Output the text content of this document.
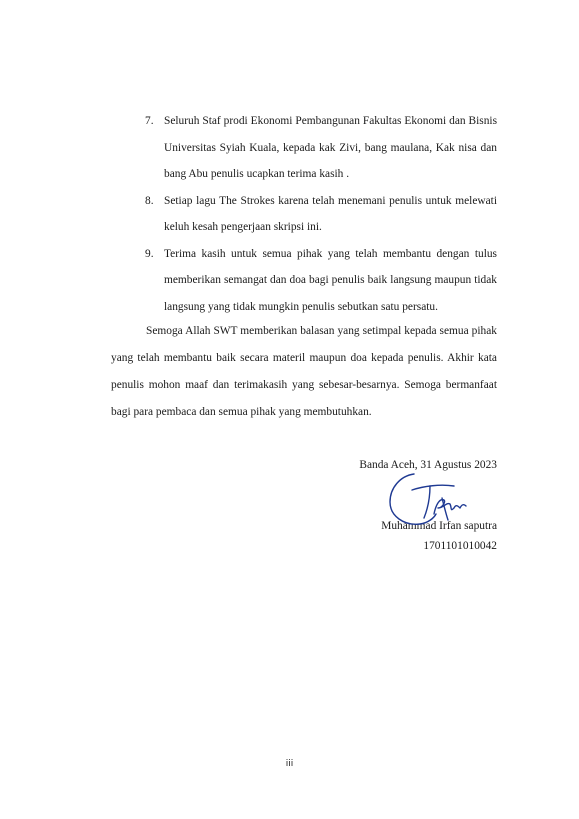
7. Seluruh Staf prodi Ekonomi Pembangunan Fakultas Ekonomi dan Bisnis Universitas Syiah Kuala, kepada kak Zivi, bang maulana, Kak nisa dan bang Abu penulis ucapkan terima kasih .
8. Setiap lagu The Strokes karena telah menemani penulis untuk melewati keluh kesah pengerjaan skripsi ini.
9. Terima kasih untuk semua pihak yang telah membantu dengan tulus memberikan semangat dan doa bagi penulis baik langsung maupun tidak langsung yang tidak mungkin penulis sebutkan satu persatu.

Semoga Allah SWT memberikan balasan yang setimpal kepada semua pihak yang telah membantu baik secara materil maupun doa kepada penulis. Akhir kata penulis mohon maaf dan terimakasih yang sebesar-besarnya. Semoga bermanfaat bagi para pembaca dan semua pihak yang membutuhkan.

Banda Aceh, 31 Agustus 2023
Muhammad Irfan saputra
1701101010042
iii
